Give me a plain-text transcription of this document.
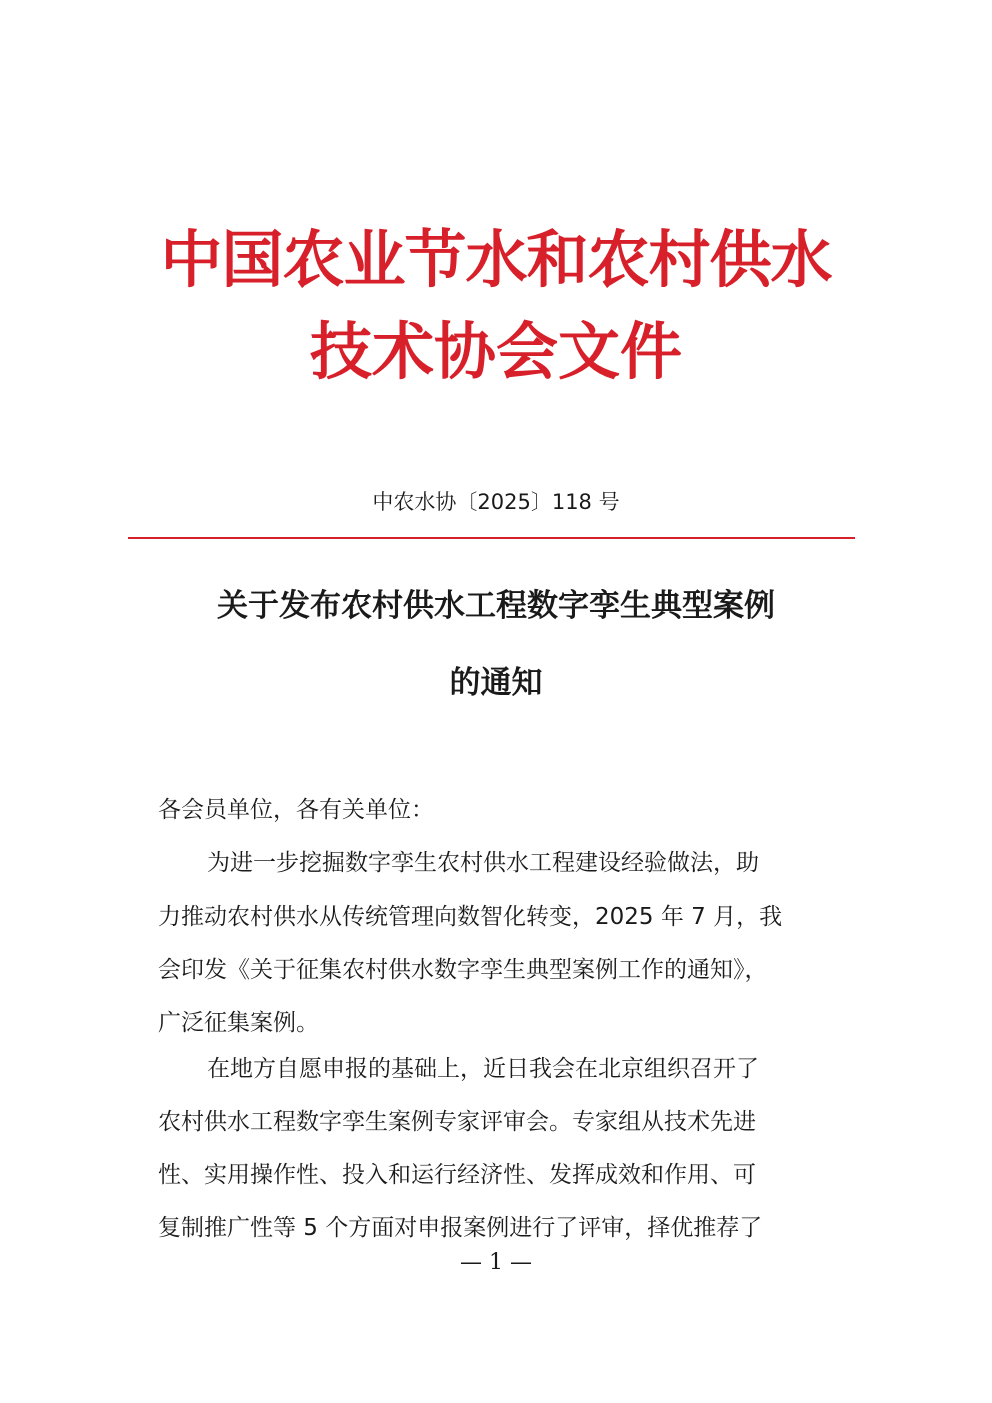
中国农业节水和农村供水
技术协会文件
中农水协〔2025〕118 号
关于发布农村供水工程数字孪生典型案例
的通知
各会员单位，各有关单位：
为进一步挖掘数字孪生农村供水工程建设经验做法，助
力推动农村供水从传统管理向数智化转变，2025 年 7 月，我
会印发《关于征集农村供水数字孪生典型案例工作的通知》，
广泛征集案例。
在地方自愿申报的基础上，近日我会在北京组织召开了
农村供水工程数字孪生案例专家评审会。专家组从技术先进
性、实用操作性、投入和运行经济性、发挥成效和作用、可
复制推广性等 5 个方面对申报案例进行了评审，择优推荐了
— 1 —
